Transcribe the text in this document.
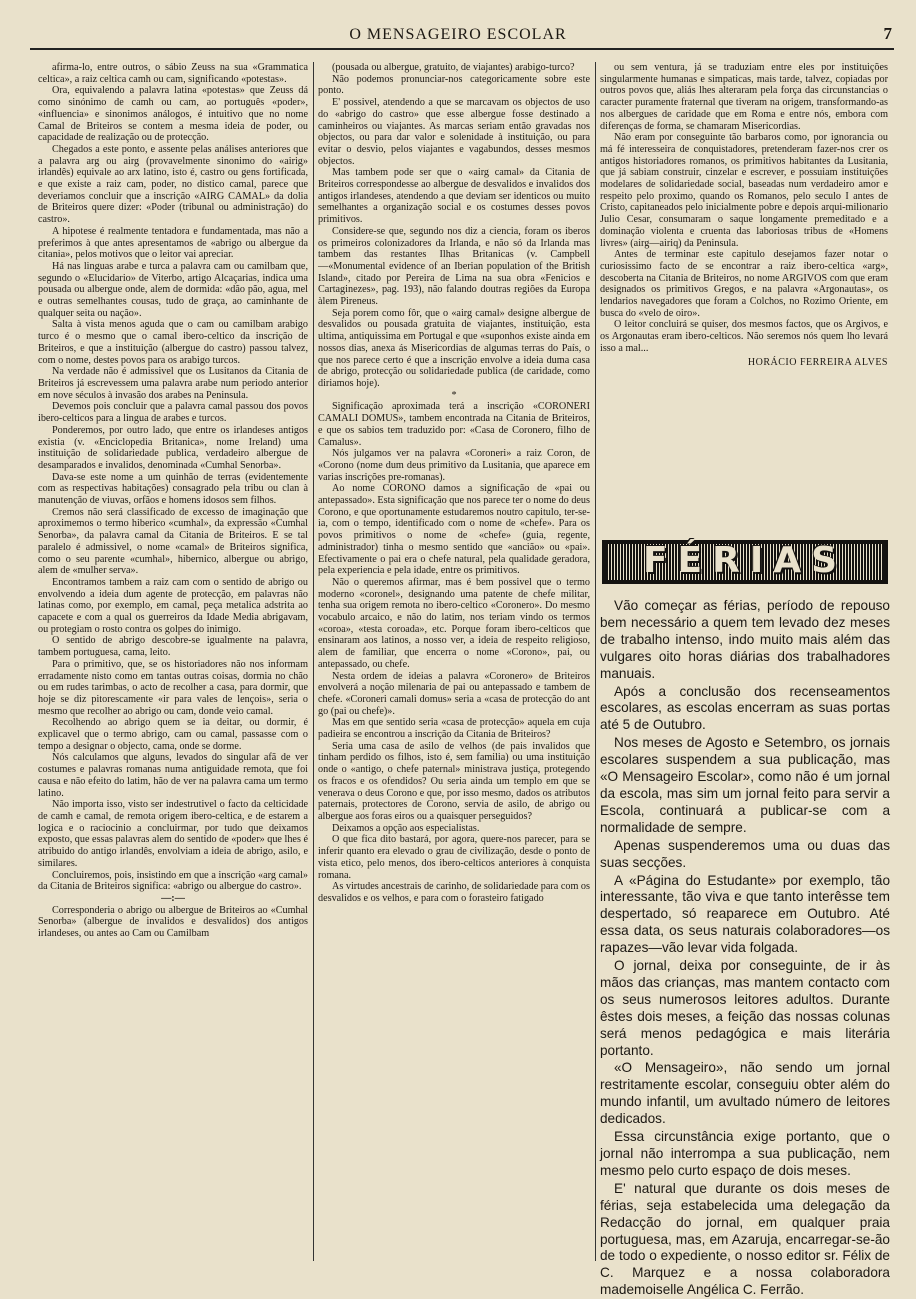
O MENSAGEIRO ESCOLAR	7

afirma-lo, entre outros, o sábio Zeuss na sua «Grammatica celtica», a raiz celtica camh ou cam, significando «potestas».

Ora, equivalendo a palavra latina «potestas» que Zeuss dá como sinónimo de camh ou cam, ao português «poder», «influencia» e sinonimos análogos, é intuitivo que no nome Camal de Briteiros se contem a mesma ideia de poder, ou capacidade de realização ou de protecção.

Chegados a este ponto, e assente pelas análises anteriores que a palavra arg ou airg (provavelmente sinonimo do «airig» irlandês) equivale ao arx latino, isto é, castro ou gens fortificada, e que existe a raiz cam, poder, no distico camal, parece que deveriamos concluir que a inscrição «AIRG CAMAL» da dolia de Briteiros quere dizer: «Poder (tribunal ou administração) do castro».

A hipotese é realmente tentadora e fundamentada, mas não a preferimos à que antes apresentamos de «abrigo ou albergue da citania», pelos motivos que o leitor vai apreciar.

Há nas linguas arabe e turca a palavra cam ou camilbam que, segundo o «Elucidario» de Viterbo, artigo Alcaçarias, indica uma pousada ou albergue onde, alem de dormida: «dão pão, agua, mel e outras semelhantes cousas, tudo de graça, ao caminhante de qualquer seita ou nação».

Salta à vista menos aguda que o cam ou camilbam arabigo turco é o mesmo que o camal ibero-celtico da inscrição de Briteiros, e que a instituição (albergue do castro) passou talvez, com o nome, destes povos para os arabigo turcos.

Na verdade não é admissivel que os Lusitanos da Citania de Briteiros já escrevessem uma palavra arabe num periodo anterior em nove séculos à invasão dos arabes na Peninsula.

Devemos pois concluir que a palavra camal passou dos povos ibero-celticos para a lingua de arabes e turcos.

Ponderemos, por outro lado, que entre os irlandeses antigos existia (v. «Enciclopedia Britanica», nome Ireland) uma instituição de solidariedade publica, verdadeiro albergue de desamparados e invalidos, denominada «Cumhal Senorba».

Dava-se este nome a um quinhão de terras (evidentemente com as respectivas habitações) consagrado pela tribu ou clan à manutenção de viuvas, orfãos e homens idosos sem filhos.

Cremos não será classificado de excesso de imaginação que aproximemos o termo hiberico «cumhal», da expressão «Cumhal Senorba», da palavra camal da Citania de Briteiros. E se tal paralelo é admissivel, o nome «camal» de Briteiros significa, como o seu parente «cumhal», hibernico, albergue ou abrigo, alem de «mulher serva».

Encontramos tambem a raiz cam com o sentido de abrigo ou envolvendo a ideia dum agente de protecção, em palavras não latinas como, por exemplo, em camal, peça metalica adstrita ao capacete e com a qual os guerreiros da Idade Media abrigavam, ou protegiam o rosto contra os golpes do inimigo.

O sentido de abrigo descobre-se igualmente na palavra, tambem portuguesa, cama, leito.

Para o primitivo, que, se os historiadores não nos informam erradamente nisto como em tantas outras coisas, dormia no chão ou em rudes tarimbas, o acto de recolher a casa, para dormir, que hoje se diz pitorescamente «ir para vales de lençois», seria o mesmo que recolher ao abrigo ou cam, donde veio camal.

Recolhendo ao abrigo quem se ia deitar, ou dormir, é explicavel que o termo abrigo, cam ou camal, passasse com o tempo a designar o objecto, cama, onde se dorme.

Nós calculamos que alguns, levados do singular afã de ver costumes e palavras romanas numa antiguidade remota, que foi causa e não efeito do latim, hão de ver na palavra cama um termo latino.

Não importa isso, visto ser indestrutivel o facto da celticidade de camh e camal, de remota origem ibero-celtica, e de estarem a logica e o raciocinio a concluirmar, por tudo que deixamos exposto, que essas palavras alem do sentido de «poder» que lhes é atribuido do antigo irlandês, envolviam a ideia de abrigo, asilo, e similares.

Concluiremos, pois, insistindo em que a inscrição «arg camal» da Citania de Briteiros significa: «abrigo ou albergue do castro».

—:—

Corresponderia o abrigo ou albergue de Briteiros ao «Cumhal Senorba» (albergue de invalidos e desvalidos) dos antigos irlandeses, ou antes ao Cam ou Camilbam

(pousada ou albergue, gratuito, de viajantes) arabigo-turco?

Não podemos pronunciar-nos categoricamente sobre este ponto.

E' possivel, atendendo a que se marcavam os objectos de uso do «abrigo do castro» que esse albergue fosse destinado a caminheiros ou viajantes. As marcas seriam então gravadas nos objectos, ou para dar valor e solenidade à instituição, ou para evitar o desvio, pelos viajantes e vagabundos, desses mesmos objectos.

Mas tambem pode ser que o «airg camal» da Citania de Briteiros correspondesse ao albergue de desvalidos e invalidos dos antigos irlandeses, atendendo a que deviam ser identicos ou muito semelhantes a organização social e os costumes desses povos primitivos.

Considere-se que, segundo nos diz a ciencia, foram os iberos os primeiros colonizadores da Irlanda, e não só da Irlanda mas tambem das restantes Ilhas Britanicas (v. Campbell—«Monumental evidence of an Iberian population of the British Island», citado por Pereira de Lima na sua obra «Fenicios e Cartaginezes», pag. 193), não falando doutras regiões da Europa àlem Pireneus.

Seja porem como fôr, que o «airg camal» designe albergue de desvalidos ou pousada gratuita de viajantes, instituição, esta ultima, antiquissima em Portugal e que «suponhos existe ainda em nossos dias, anexa ás Misericordias de algumas terras do País, o que nos parece certo é que a inscrição envolve a ideia duma casa de abrigo, protecção ou solidariedade publica (de caridade, como diriamos hoje).

*

Significação aproximada terá a inscrição «CORONERI CAMALI DOMUS», tambem encontrada na Citania de Briteiros, e que os sabios tem traduzido por: «Casa de Coronero, filho de Camalus».

Nós julgamos ver na palavra «Coroneri» a raiz Coron, de «Corono (nome dum deus primitivo da Lusitania, que aparece em varias inscrições pre-romanas).

Ao nome CORONO damos a significação de «pai ou antepassado». Esta significação que nos parece ter o nome do deus Corono, e que oportunamente estudaremos noutro capitulo, ter-se-ia, com o tempo, identificado com o nome de «chefe». Para os povos primitivos o nome de «chefe» (guia, regente, administrador) tinha o mesmo sentido que «ancião» ou «pai». Efectivamente o pai era o chefe natural, pela qualidade geradora, pela experiencia e pela idade, entre os primitivos.

Não o queremos afirmar, mas é bem possivel que o termo moderno «coronel», designando uma patente de chefe militar, tenha sua origem remota no ibero-celtico «Coronero». Do mesmo vocabulo arcaico, e não do latim, nos teriam vindo os termos «coroa», «testa coroada», etc. Porque foram ibero-celticos que ensinaram aos latinos, a nosso ver, a ideia de respeito religioso, alem de familiar, que encerra o nome «Corono», pai, ou antepassado, ou chefe.

Nesta ordem de ideias a palavra «Coronero» de Briteiros envolverá a noção milenaria de pai ou antepassado e tambem de chefe. «Coroneri camali domus» seria a «casa de protecção do ant go (pai ou chefe)».

Mas em que sentido seria «casa de protecção» aquela em cuja padieira se encontrou a inscrição da Citania de Briteiros?

Seria uma casa de asilo de velhos (de pais invalidos que tinham perdido os filhos, isto é, sem familia) ou uma instituição onde o «antigo, o chefe paternal» ministrava justiça, protegendo os fracos e os ofendidos? Ou seria ainda um templo em que se venerava o deus Corono e que, por isso mesmo, dados os atributos paternais, protectores de Corono, servia de asilo, de abrigo ou albergue aos foras eiros ou a quaisquer perseguidos?

Deixamos a opção aos especialistas.

O que fica dito bastará, por agora, quere-nos parecer, para se inferir quanto era elevado o grau de civilização, desde o ponto de vista etico, pelo menos, dos ibero-celticos anteriores à conquista romana.

As virtudes ancestrais de carinho, de solidariedade para com os desvalidos e os velhos, e para com o forasteiro fatigado

ou sem ventura, já se traduziam entre eles por instituições singularmente humanas e simpaticas, mais tarde, talvez, copiadas por outros povos que, aliás lhes alteraram pela força das circunstancias o caracter puramente fraternal que tiveram na origem, transformando-as nos albergues de caridade que em Roma e entre nós, embora com diferenças de forma, se chamaram Misericordias.

Não eram por conseguinte tão barbaros como, por ignorancia ou má fé interesseira de conquistadores, pretenderam fazer-nos crer os antigos historiadores romanos, os primitivos habitantes da Lusitania, que já sabiam construir, cinzelar e escrever, e possuiam instituições modelares de solidariedade social, baseadas num verdadeiro amor e respeito pelo proximo, quando os Romanos, pelo seculo I antes de Cristo, capitaneados pelo inicialmente pobre e depois arqui-milionario Julio Cesar, consumaram o saque longamente premeditado e a dominação violenta e cruenta das laboriosas tribus de «Homens livres» (airg—airiq) da Peninsula.

Antes de terminar este capitulo desejamos fazer notar o curiosissimo facto de se encontrar a raiz ibero-celtica «arg», descoberta na Citania de Briteiros, no nome ARGIVOS com que eram designados os primitivos Gregos, e na palavra «Argonautas», os lendarios navegadores que foram a Colchos, no Rozimo Oriente, em busca do «velo de oiro».

O leitor concluirá se quiser, dos mesmos factos, que os Argivos, e os Argonautas eram ibero-celticos. Não seremos nós quem lho levará isso a mal...

HORÁCIO FERREIRA ALVES

FÉRIAS

Vão começar as férias, período de repouso bem necessário a quem tem levado dez meses de trabalho intenso, indo muito mais além das vulgares oito horas diárias dos trabalhadores manuais.

Após a conclusão dos recenseamentos escolares, as escolas encerram as suas portas até 5 de Outubro.

Nos meses de Agosto e Setembro, os jornais escolares suspendem a sua publicação, mas «O Mensageiro Escolar», como não é um jornal da escola, mas sim um jornal feito para servir a Escola, continuará a publicar-se com a normalidade de sempre.

Apenas suspenderemos uma ou duas das suas secções.

A «Página do Estudante» por exemplo, tão interessante, tão viva e que tanto interêsse tem despertado, só reaparece em Outubro. Até essa data, os seus naturais colaboradores—os rapazes—vão levar vida folgada.

O jornal, deixa por conseguinte, de ir às mãos das crianças, mas mantem contacto com os seus numerosos leitores adultos. Durante êstes dois meses, a feição das nossas colunas será menos pedagógica e mais literária portanto.

«O Mensageiro», não sendo um jornal restritamente escolar, conseguiu obter além do mundo infantil, um avultado número de leitores dedicados.

Essa circunstância exige portanto, que o jornal não interrompa a sua publicação, nem mesmo pelo curto espaço de dois meses.

E' natural que durante os dois meses de férias, seja estabelecida uma delegação da Redacção do jornal, em qualquer praia portuguesa, mas, em Azaruja, encarregar-se-ão de todo o expediente, o nosso editor sr. Félix de C. Marquez e a nossa colaboradora mademoiselle Angélica C. Ferrão.
